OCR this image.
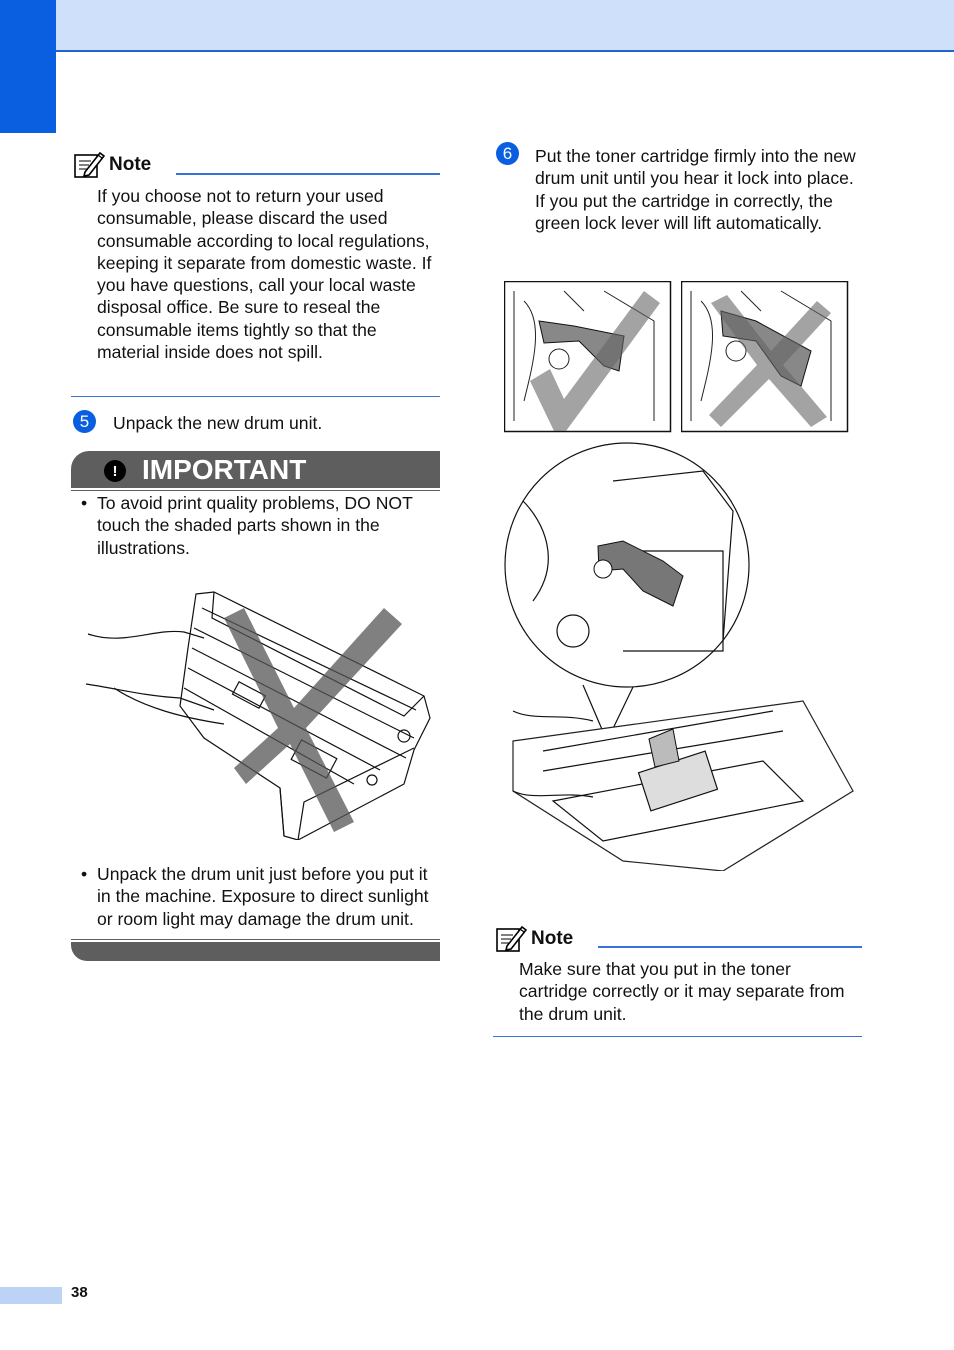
Note
If you choose not to return your used consumable, please discard the used consumable according to local regulations, keeping it separate from domestic waste. If you have questions, call your local waste disposal office. Be sure to reseal the consumable items tightly so that the material inside does not spill.
5	Unpack the new drum unit.
! IMPORTANT
• To avoid print quality problems, DO NOT touch the shaded parts shown in the illustrations.
• Unpack the drum unit just before you put it in the machine. Exposure to direct sunlight or room light may damage the drum unit.
6	Put the toner cartridge firmly into the new drum unit until you hear it lock into place. If you put the cartridge in correctly, the green lock lever will lift automatically.
Note
Make sure that you put in the toner cartridge correctly or it may separate from the drum unit.
38
